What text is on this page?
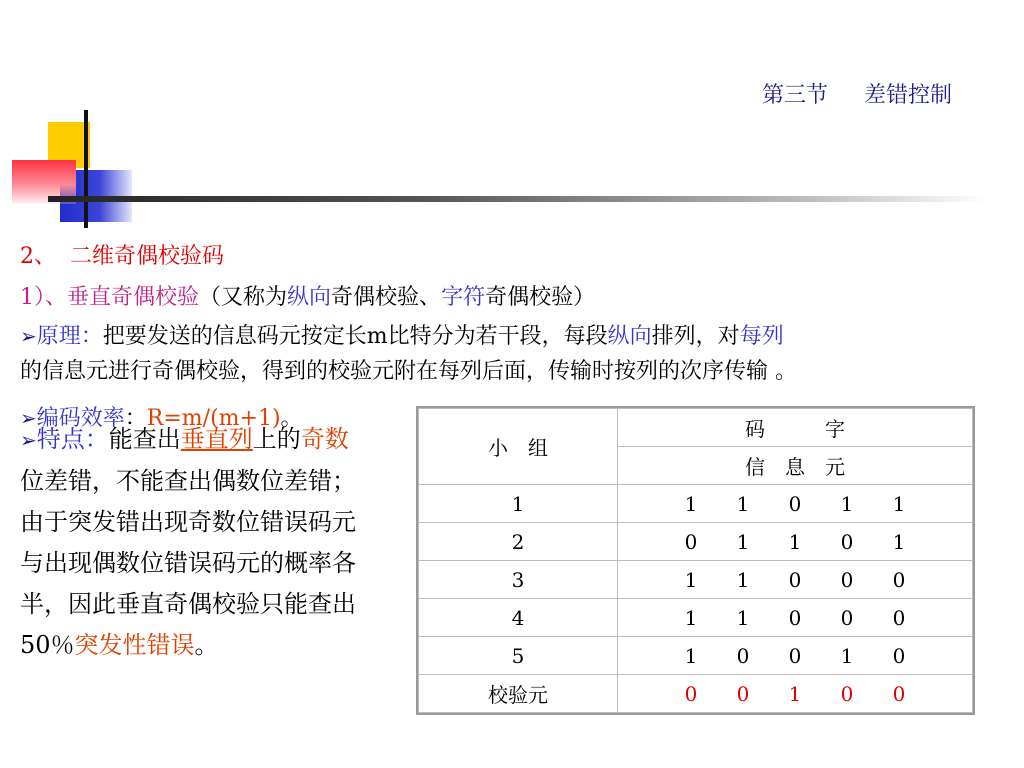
第三节 差错控制
2、 二维奇偶校验码
1）、垂直奇偶校验（又称为纵向奇偶校验、字符奇偶校验）
➢原理：把要发送的信息码元按定长m比特分为若干段，每段纵向排列，对每列
的信息元进行奇偶校验，得到的校验元附在每列后面，传输时按列的次序传输 。
➢编码效率：R=m/(m+1)。
➢特点：能查出垂直列上的奇数位差错，不能查出偶数位差错；由于突发错出现奇数位错误码元与出现偶数位错误码元的概率各半，因此垂直奇偶校验只能查出50％突发性错误。
小　组	码　　　字
	信　息　元
1	1 1 0 1 1
2	0 1 1 0 1
3	1 1 0 0 0
4	1 1 0 0 0
5	1 0 0 1 0
校验元	0 0 1 0 0
